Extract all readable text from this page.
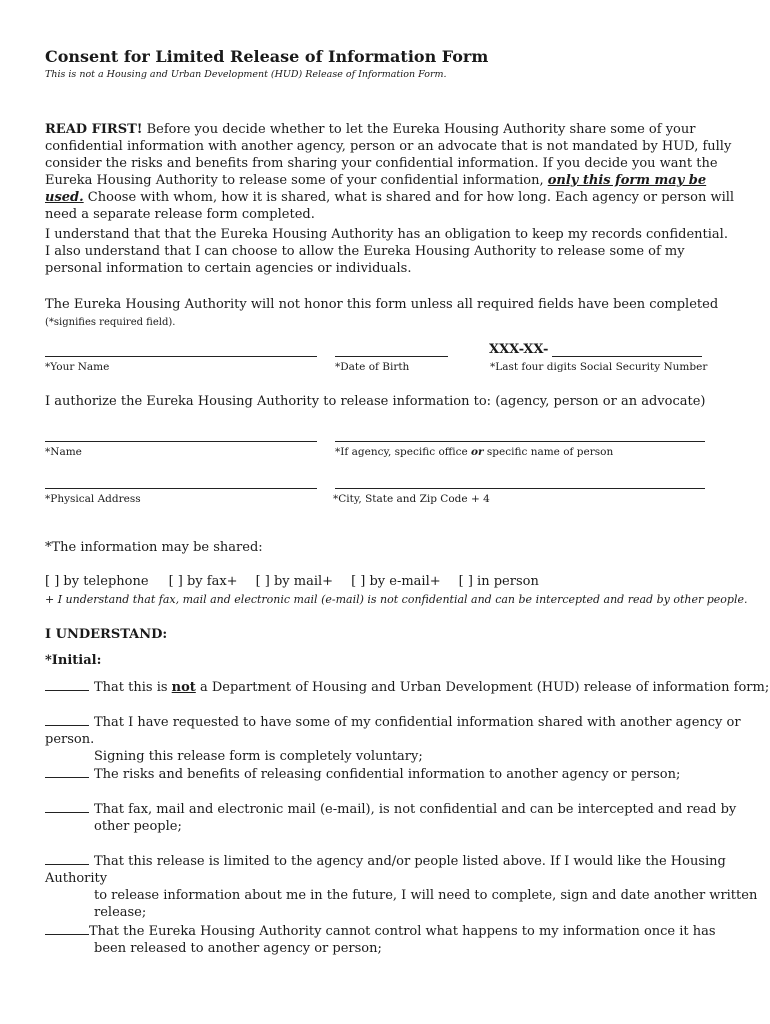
Consent for Limited Release of Information Form
This is not a Housing and Urban Development (HUD) Release of Information Form.
READ FIRST! Before you decide whether to let the Eureka Housing Authority share some of your confidential information with another agency, person or an advocate that is not mandated by HUD, fully consider the risks and benefits from sharing your confidential information. If you decide you want the Eureka Housing Authority to release some of your confidential information, only this form may be used. Choose with whom, how it is shared, what is shared and for how long. Each agency or person will need a separate release form completed.
I understand that that the Eureka Housing Authority has an obligation to keep my records confidential. I also understand that I can choose to allow the Eureka Housing Authority to release some of my personal information to certain agencies or individuals.
The Eureka Housing Authority will not honor this form unless all required fields have been completed (*signifies required field).
XXX-XX-
*Your Name	*Date of Birth	*Last four digits Social Security Number
I authorize the Eureka Housing Authority to release information to: (agency, person or an advocate)
*Name	*If agency, specific office or specific name of person
*Physical Address	*City, State and Zip Code + 4
*The information may be shared:
[ ] by telephone [ ] by fax+ [ ] by mail+ [ ] by e-mail+ [ ] in person
+ I understand that fax, mail and electronic mail (e-mail) is not confidential and can be intercepted and read by other people.
I UNDERSTAND:
*Initial:
That this is not a Department of Housing and Urban Development (HUD) release of information form;
That I have requested to have some of my confidential information shared with another agency or person.
Signing this release form is completely voluntary;
The risks and benefits of releasing confidential information to another agency or person;
That fax, mail and electronic mail (e-mail), is not confidential and can be intercepted and read by
other people;
That this release is limited to the agency and/or people listed above. If I would like the Housing Authority
to release information about me in the future, I will need to complete, sign and date another written release;
That the Eureka Housing Authority cannot control what happens to my information once it has
been released to another agency or person;
